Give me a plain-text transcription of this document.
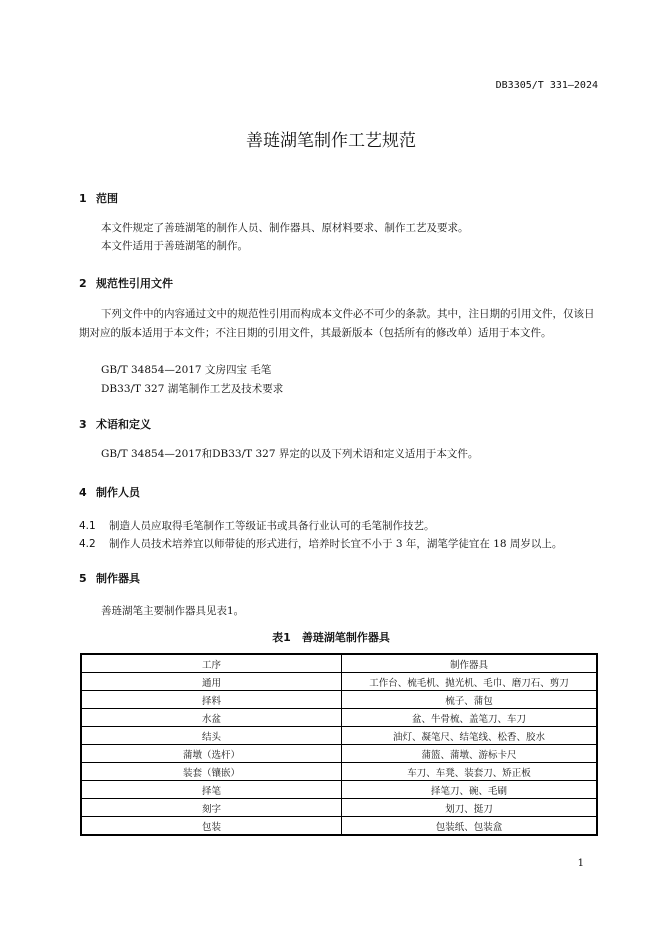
DB3305/T 331—2024
善琏湖笔制作工艺规范
1 范围
本文件规定了善琏湖笔的制作人员、制作器具、原材料要求、制作工艺及要求。
本文件适用于善琏湖笔的制作。
2 规范性引用文件
下列文件中的内容通过文中的规范性引用而构成本文件必不可少的条款。其中，注日期的引用文件，仅该日期对应的版本适用于本文件；不注日期的引用文件，其最新版本（包括所有的修改单）适用于本文件。
GB/T 34854—2017 文房四宝 毛笔
DB33/T 327 湖笔制作工艺及技术要求
3 术语和定义
GB/T 34854—2017和DB33/T 327 界定的以及下列术语和定义适用于本文件。
4 制作人员
4.1 制造人员应取得毛笔制作工等级证书或具备行业认可的毛笔制作技艺。
4.2 制作人员技术培养宜以师带徒的形式进行，培养时长宜不小于 3 年，湖笔学徒宜在 18 周岁以上。
5 制作器具
善琏湖笔主要制作器具见表1。
表1　善琏湖笔制作器具
工序	制作器具
通用	工作台、梳毛机、抛光机、毛巾、磨刀石、剪刀
择料	梳子、蒲包
水盆	盆、牛骨梳、盖笔刀、车刀
结头	油灯、凝笔尺、结笔线、松香、胶水
蒲墩（选杆）	蒲篮、蒲墩、游标卡尺
装套（镶嵌）	车刀、车凳、装套刀、矫正板
择笔	择笔刀、碗、毛刷
刻字	划刀、挺刀
包装	包装纸、包装盒
1
